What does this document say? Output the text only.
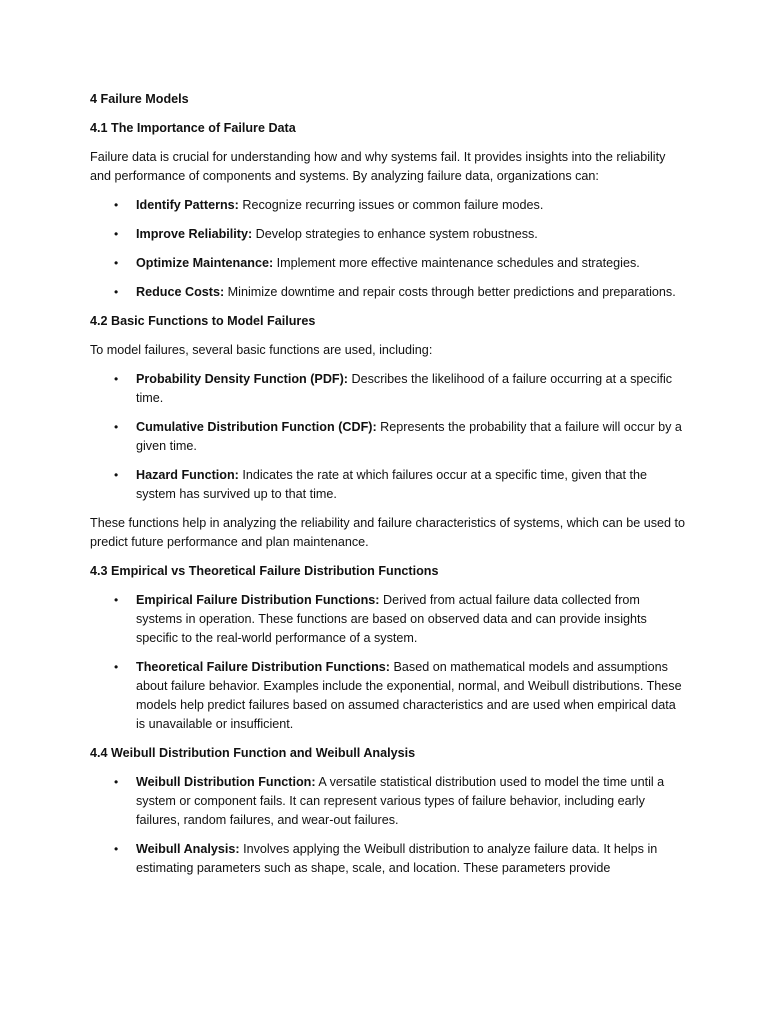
4 Failure Models
4.1 The Importance of Failure Data
Failure data is crucial for understanding how and why systems fail. It provides insights into the reliability and performance of components and systems. By analyzing failure data, organizations can:
• Identify Patterns: Recognize recurring issues or common failure modes.
• Improve Reliability: Develop strategies to enhance system robustness.
• Optimize Maintenance: Implement more effective maintenance schedules and strategies.
• Reduce Costs: Minimize downtime and repair costs through better predictions and preparations.
4.2 Basic Functions to Model Failures
To model failures, several basic functions are used, including:
• Probability Density Function (PDF): Describes the likelihood of a failure occurring at a specific time.
• Cumulative Distribution Function (CDF): Represents the probability that a failure will occur by a given time.
• Hazard Function: Indicates the rate at which failures occur at a specific time, given that the system has survived up to that time.
These functions help in analyzing the reliability and failure characteristics of systems, which can be used to predict future performance and plan maintenance.
4.3 Empirical vs Theoretical Failure Distribution Functions
• Empirical Failure Distribution Functions: Derived from actual failure data collected from systems in operation. These functions are based on observed data and can provide insights specific to the real-world performance of a system.
• Theoretical Failure Distribution Functions: Based on mathematical models and assumptions about failure behavior. Examples include the exponential, normal, and Weibull distributions. These models help predict failures based on assumed characteristics and are used when empirical data is unavailable or insufficient.
4.4 Weibull Distribution Function and Weibull Analysis
• Weibull Distribution Function: A versatile statistical distribution used to model the time until a system or component fails. It can represent various types of failure behavior, including early failures, random failures, and wear-out failures.
• Weibull Analysis: Involves applying the Weibull distribution to analyze failure data. It helps in estimating parameters such as shape, scale, and location. These parameters provide
